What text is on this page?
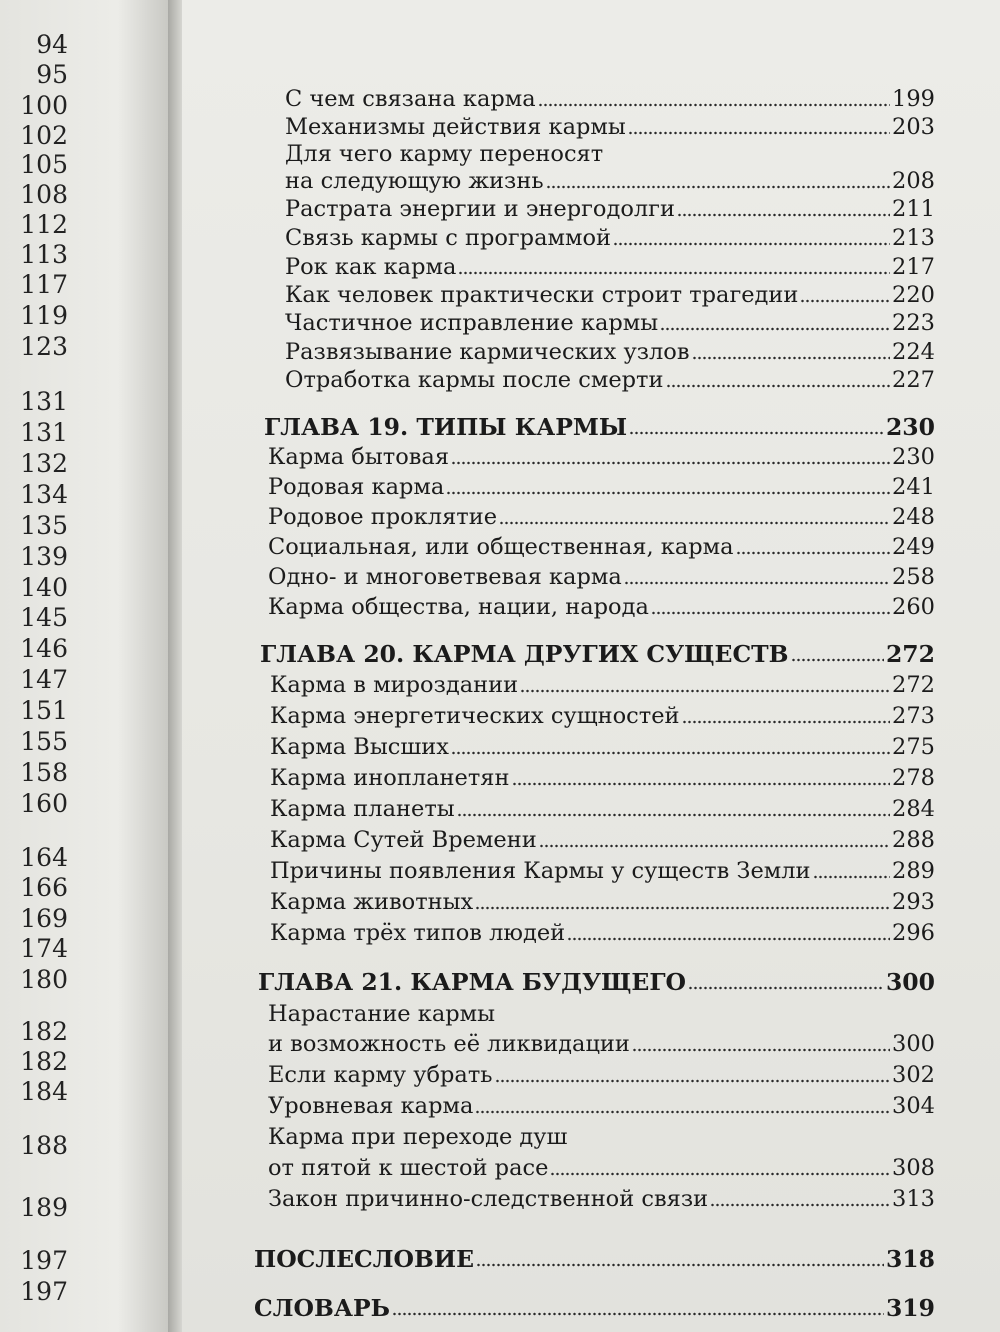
94
95
100
102
105
108
112
113
117
119
123
131
131
132
134
135
139
140
145
146
147
151
155
158
160
164
166
169
174
180
182
182
184
188
189
197
197
С чем связана карма	199
Механизмы действия кармы	203
Для чего карму переносят
на следующую жизнь	208
Растрата энергии и энергодолги	211
Связь кармы с программой	213
Рок как карма	217
Как человек практически строит трагедии	220
Частичное исправление кармы	223
Развязывание кармических узлов	224
Отработка кармы после смерти	227
ГЛАВА 19. ТИПЫ КАРМЫ	230
Карма бытовая	230
Родовая карма	241
Родовое проклятие	248
Социальная, или общественная, карма	249
Одно- и многоветвевая карма	258
Карма общества, нации, народа	260
ГЛАВА 20. КАРМА ДРУГИХ СУЩЕСТВ	272
Карма в мироздании	272
Карма энергетических сущностей	273
Карма Высших	275
Карма инопланетян	278
Карма планеты	284
Карма Сутей Времени	288
Причины появления Кармы у существ Земли	289
Карма животных	293
Карма трёх типов людей	296
ГЛАВА 21. КАРМА БУДУЩЕГО	300
Нарастание кармы
и возможность её ликвидации	300
Если карму убрать	302
Уровневая карма	304
Карма при переходе душ
от пятой к шестой расе	308
Закон причинно-следственной связи	313
ПОСЛЕСЛОВИЕ	318
СЛОВАРЬ	319
